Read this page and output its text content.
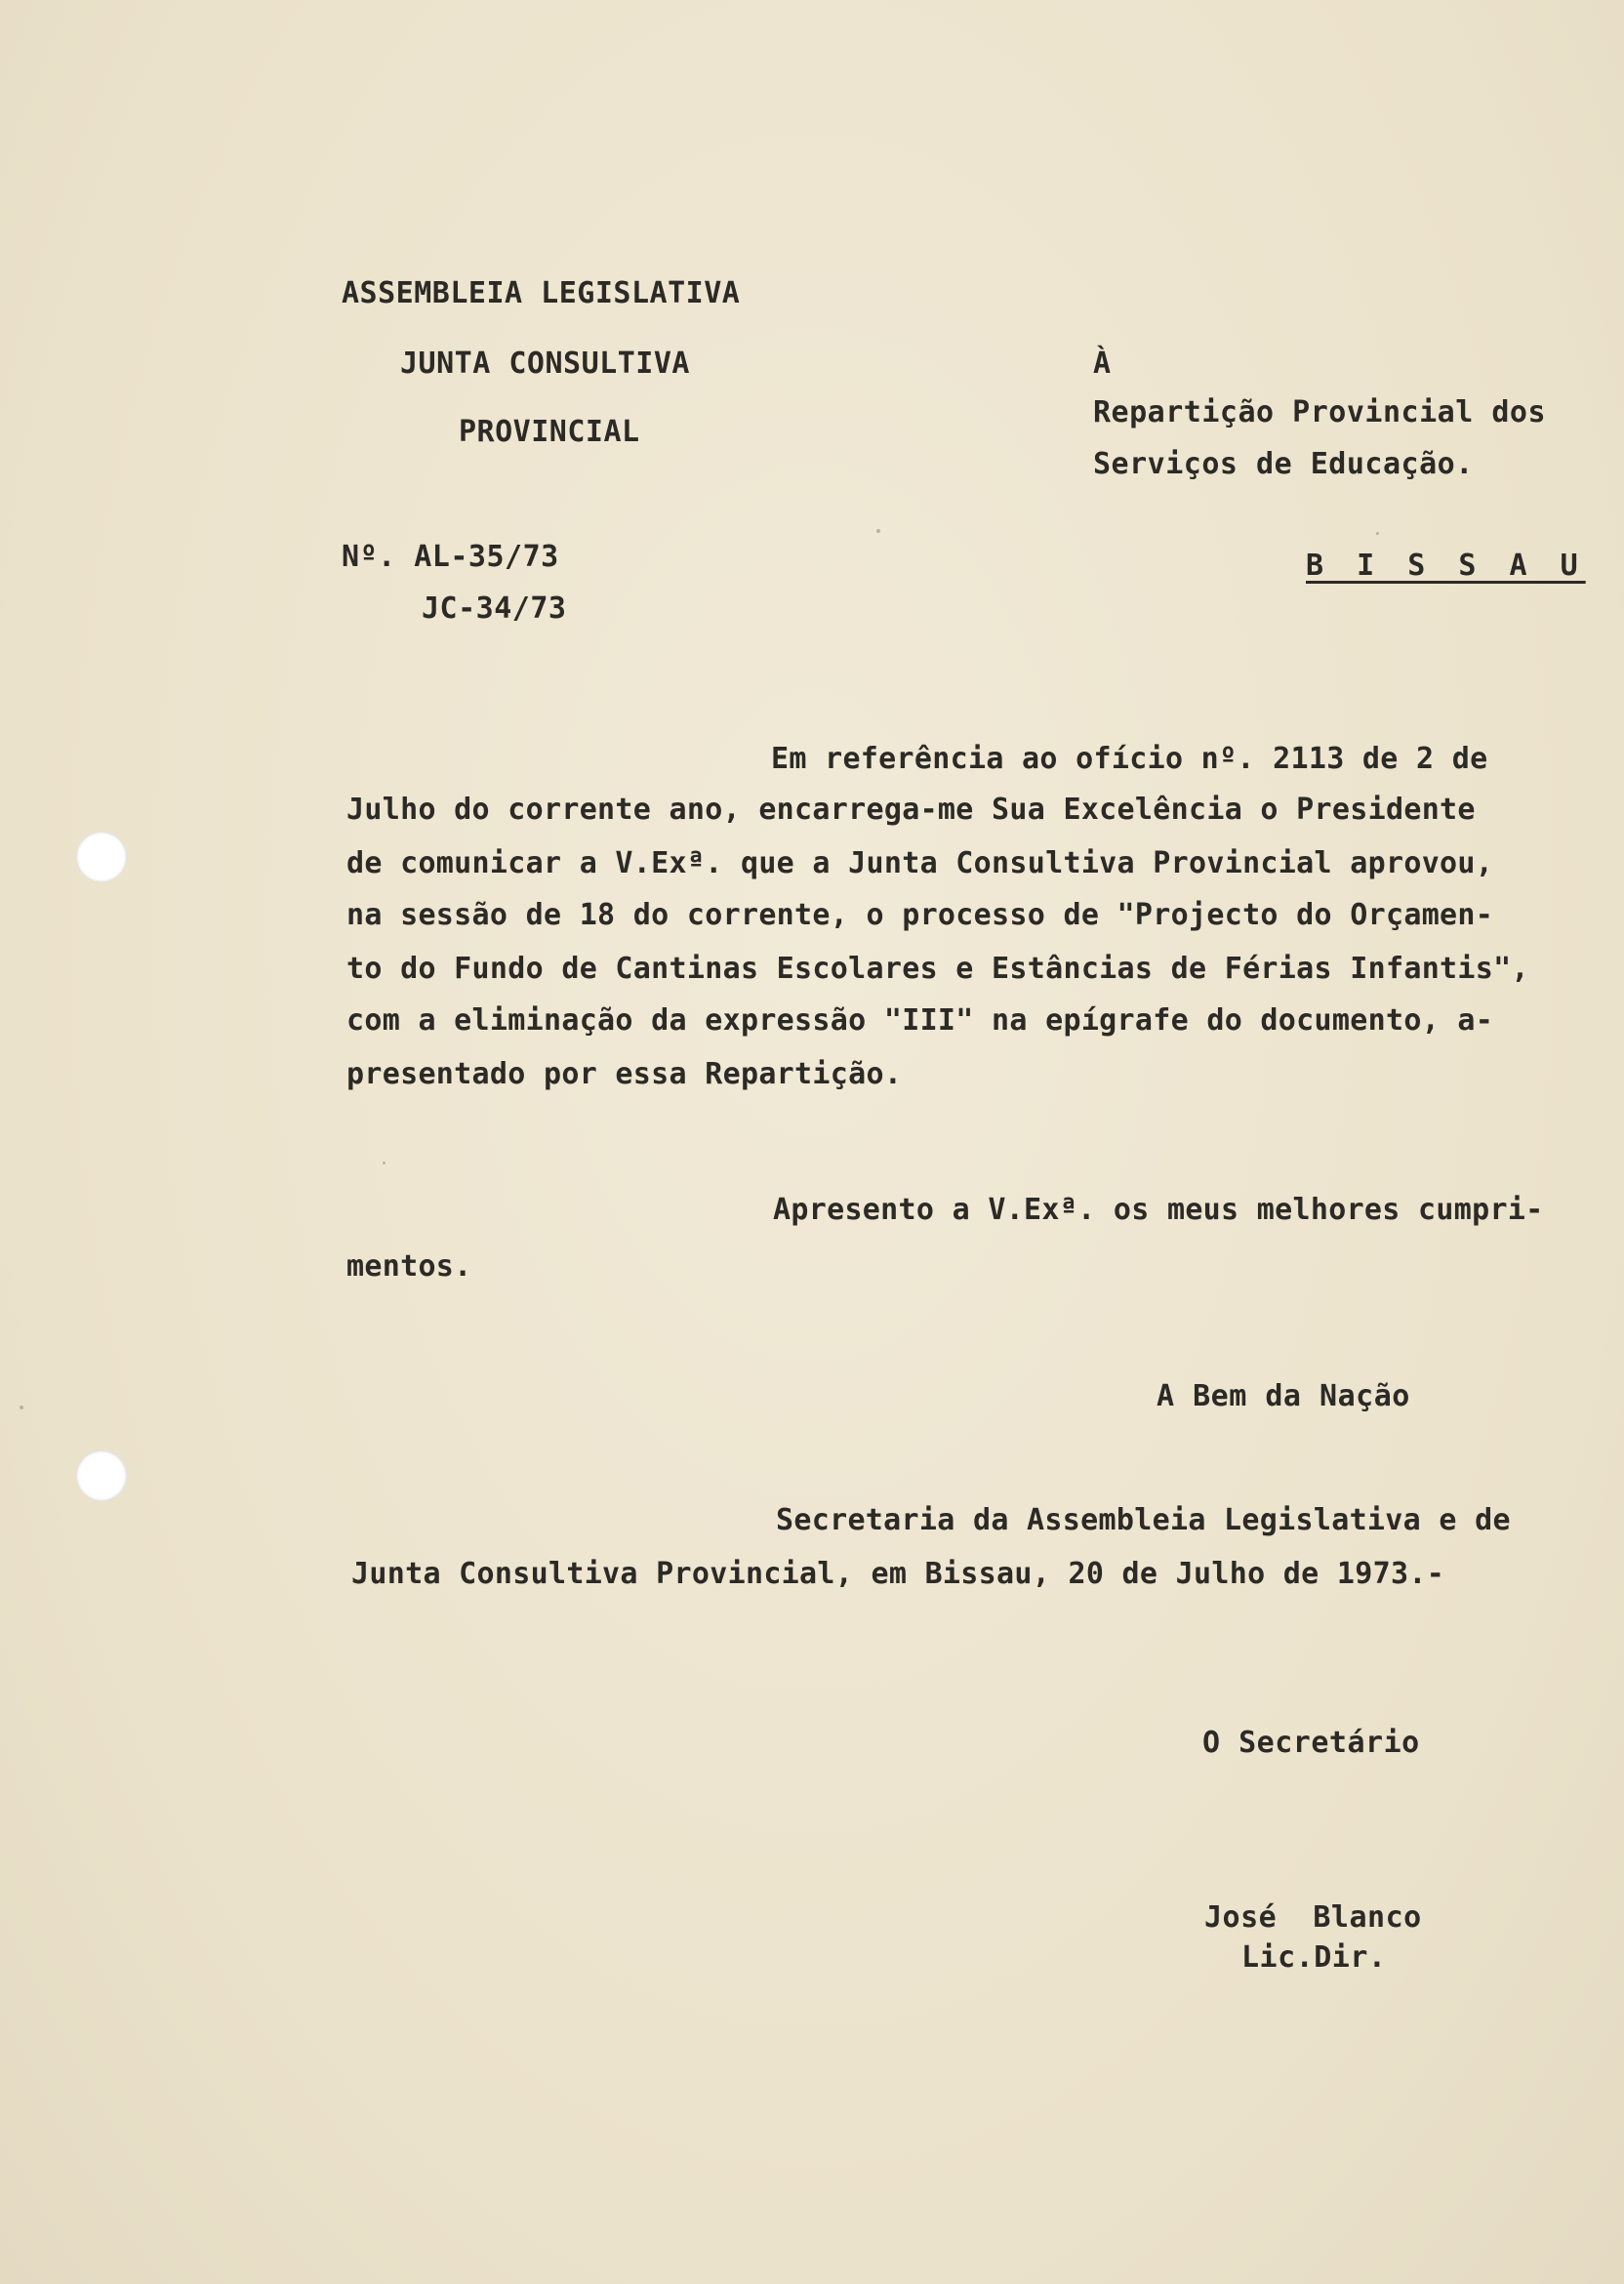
ASSEMBLEIA LEGISLATIVA
JUNTA CONSULTIVA
PROVINCIAL
Nº. AL-35/73
JC-34/73
À
Repartição Provincial dos
Serviços de Educação.
B I S S A U
Em referência ao ofício nº. 2113 de 2 de
Julho do corrente ano, encarrega-me Sua Excelência o Presidente
de comunicar a V.Exª. que a Junta Consultiva Provincial aprovou,
na sessão de 18 do corrente, o processo de "Projecto do Orçamen-
to do Fundo de Cantinas Escolares e Estâncias de Férias Infantis",
com a eliminação da expressão "III" na epígrafe do documento, a-
presentado por essa Repartição.
Apresento a V.Exª. os meus melhores cumpri-
mentos.
A Bem da Nação
Secretaria da Assembleia Legislativa e de
Junta Consultiva Provincial, em Bissau, 20 de Julho de 1973.-
O Secretário
José  Blanco
Lic.Dir.
